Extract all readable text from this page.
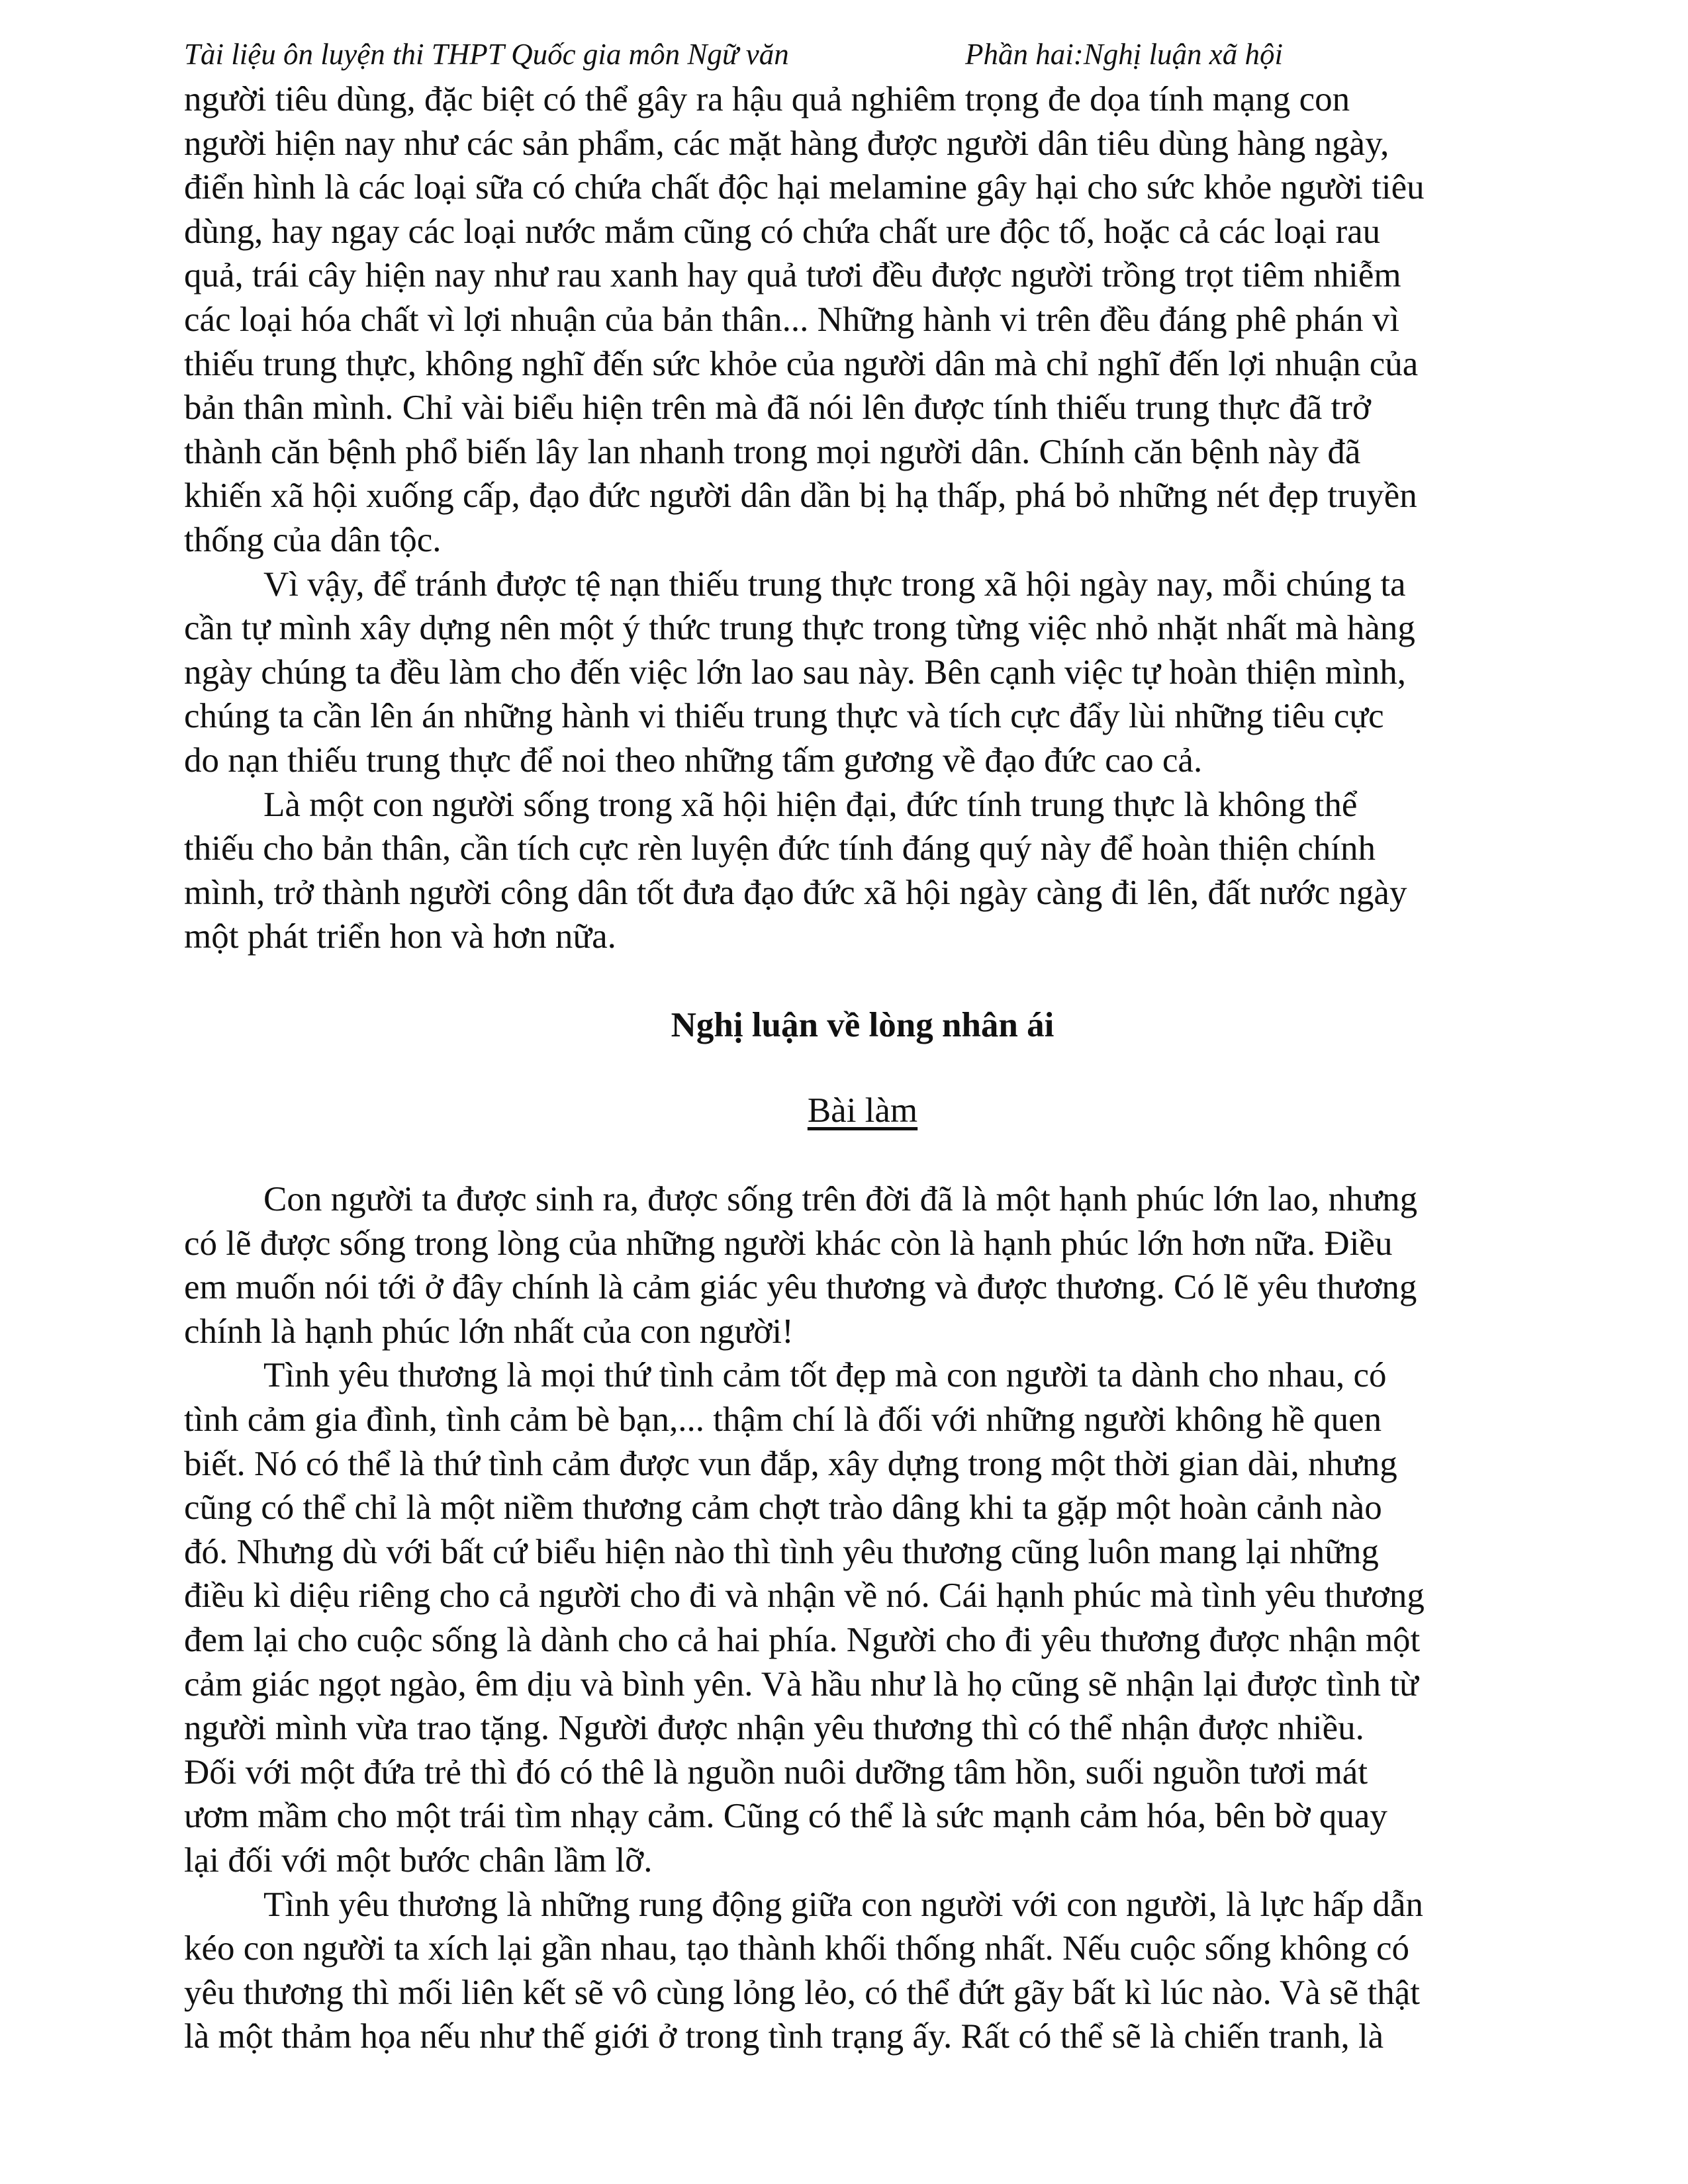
Tài liệu ôn luyện thi THPT Quốc gia môn Ngữ văn	Phần hai:Nghị luận xã hội
người tiêu dùng, đặc biệt có thể gây ra hậu quả nghiêm trọng đe dọa tính mạng con
người hiện nay như các sản phẩm, các mặt hàng được người dân tiêu dùng hàng ngày,
điển hình là các loại sữa có chứa chất độc hại melamine gây hại cho sức khỏe người tiêu
dùng, hay ngay các loại nước mắm cũng có chứa chất ure độc tố, hoặc cả các loại rau
quả, trái cây hiện nay như rau xanh hay quả tươi đều được người trồng trọt tiêm nhiễm
các loại hóa chất vì lợi nhuận của bản thân... Những hành vi trên đều đáng phê phán vì
thiếu trung thực, không nghĩ đến sức khỏe của người dân mà chỉ nghĩ đến lợi nhuận của
bản thân mình. Chỉ vài biểu hiện trên mà đã nói lên được tính thiếu trung thực đã trở
thành căn bệnh phổ biến lây lan nhanh trong mọi người dân. Chính căn bệnh này đã
khiến xã hội xuống cấp, đạo đức người dân dần bị hạ thấp, phá bỏ những nét đẹp truyền
thống của dân tộc.
Vì vậy, để tránh được tệ nạn thiếu trung thực trong xã hội ngày nay, mỗi chúng ta
cần tự mình xây dựng nên một ý thức trung thực trong từng việc nhỏ nhặt nhất mà hàng
ngày chúng ta đều làm cho đến việc lớn lao sau này. Bên cạnh việc tự hoàn thiện mình,
chúng ta cần lên án những hành vi thiếu trung thực và tích cực đẩy lùi những tiêu cực
do nạn thiếu trung thực để noi theo những tấm gương về đạo đức cao cả.
Là một con người sống trong xã hội hiện đại, đức tính trung thực là không thể
thiếu cho bản thân, cần tích cực rèn luyện đức tính đáng quý này để hoàn thiện chính
mình, trở thành người công dân tốt đưa đạo đức xã hội ngày càng đi lên, đất nước ngày
một phát triển hon và hơn nữa.
Nghị luận về lòng nhân ái
Bài làm
Con người ta được sinh ra, được sống trên đời đã là một hạnh phúc lớn lao, nhưng
có lẽ được sống trong lòng của những người khác còn là hạnh phúc lớn hơn nữa. Điều
em muốn nói tới ở đây chính là cảm giác yêu thương và được thương. Có lẽ yêu thương
chính là hạnh phúc lớn nhất của con người!
Tình yêu thương là mọi thứ tình cảm tốt đẹp mà con người ta dành cho nhau, có
tình cảm gia đình, tình cảm bè bạn,... thậm chí là đối với những người không hề quen
biết. Nó có thể là thứ tình cảm được vun đắp, xây dựng trong một thời gian dài, nhưng
cũng có thể chỉ là một niềm thương cảm chợt trào dâng khi ta gặp một hoàn cảnh nào
đó. Nhưng dù với bất cứ biểu hiện nào thì tình yêu thương cũng luôn mang lại những
điều kì diệu riêng cho cả người cho đi và nhận về nó. Cái hạnh phúc mà tình yêu thương
đem lại cho cuộc sống là dành cho cả hai phía. Người cho đi yêu thương được nhận một
cảm giác ngọt ngào, êm dịu và bình yên. Và hầu như là họ cũng sẽ nhận lại được tình từ
người mình vừa trao tặng. Người được nhận yêu thương thì có thể nhận được nhiều.
Đối với một đứa trẻ thì đó có thê là nguồn nuôi dưỡng tâm hồn, suối nguồn tươi mát
ươm mầm cho một trái tìm nhạy cảm. Cũng có thể là sức mạnh cảm hóa, bên bờ quay
lại đối với một bước chân lầm lỡ.
Tình yêu thương là những rung động giữa con người với con người, là lực hấp dẫn
kéo con người ta xích lại gần nhau, tạo thành khối thống nhất. Nếu cuộc sống không có
yêu thương thì mối liên kết sẽ vô cùng lỏng lẻo, có thể đứt gãy bất kì lúc nào. Và sẽ thật
là một thảm họa nếu như thế giới ở trong tình trạng ấy. Rất có thể sẽ là chiến tranh, là
